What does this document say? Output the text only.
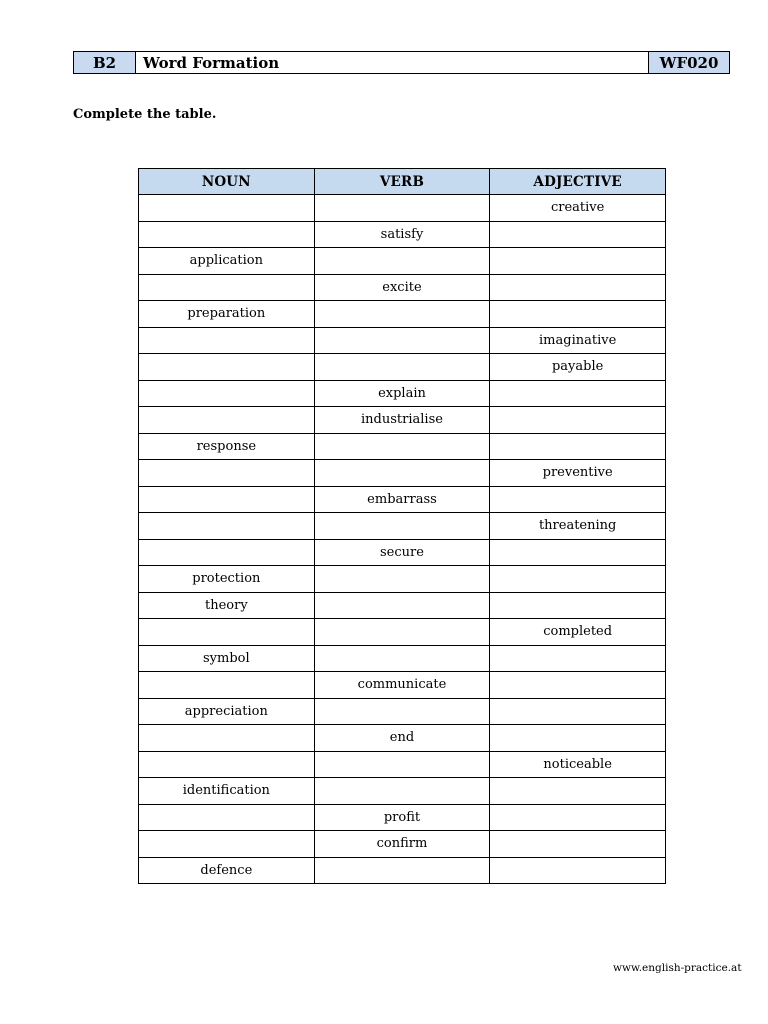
B2	Word Formation	WF020
Complete the table.
NOUN	VERB	ADJECTIVE
		creative
	satisfy	
application		
	excite	
preparation		
		imaginative
		payable
	explain	
	industrialise	
response		
		preventive
	embarrass	
		threatening
	secure	
protection		
theory		
		completed
symbol		
	communicate	
appreciation		
	end	
		noticeable
identification		
	profit	
	confirm	
defence		
www.english-practice.at
